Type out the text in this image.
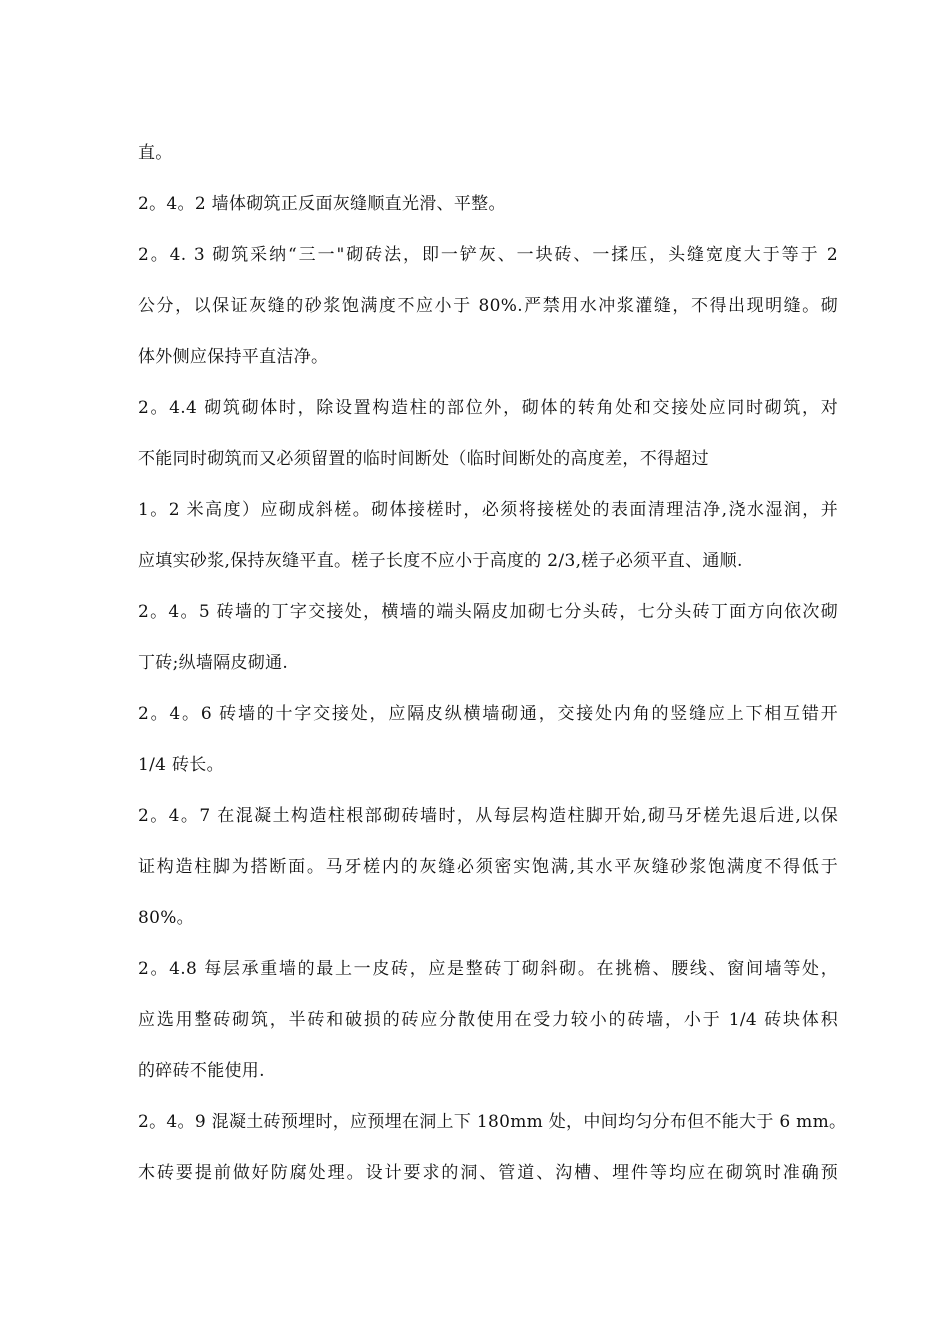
直。
2。4。2 墙体砌筑正反面灰缝顺直光滑、平整。
2。4. 3 砌筑采纳“三一"砌砖法，即一铲灰、一块砖、一揉压，头缝宽度大于等于 2
公分，以保证灰缝的砂浆饱满度不应小于 80%.严禁用水冲浆灌缝，不得出现明缝。砌
体外侧应保持平直洁净。
2。4.4 砌筑砌体时，除设置构造柱的部位外，砌体的转角处和交接处应同时砌筑，对
不能同时砌筑而又必须留置的临时间断处（临时间断处的高度差，不得超过
1。2 米高度）应砌成斜槎。砌体接槎时，必须将接槎处的表面清理洁净,浇水湿润，并
应填实砂浆,保持灰缝平直。槎子长度不应小于高度的 2/3,槎子必须平直、通顺.
2。4。5 砖墙的丁字交接处，横墙的端头隔皮加砌七分头砖，七分头砖丁面方向依次砌
丁砖;纵墙隔皮砌通.
2。4。6 砖墙的十字交接处，应隔皮纵横墙砌通，交接处内角的竖缝应上下相互错开
1/4 砖长。
2。4。7 在混凝土构造柱根部砌砖墙时，从每层构造柱脚开始,砌马牙槎先退后进,以保
证构造柱脚为搭断面。马牙槎内的灰缝必须密实饱满,其水平灰缝砂浆饱满度不得低于
80%。
2。4.8 每层承重墙的最上一皮砖，应是整砖丁砌斜砌。在挑檐、腰线、窗间墙等处，
应选用整砖砌筑，半砖和破损的砖应分散使用在受力较小的砖墙，小于 1/4 砖块体积
的碎砖不能使用.
2。4。9 混凝土砖预埋时，应预埋在洞上下 180mm 处，中间均匀分布但不能大于 6 mm。
木砖要提前做好防腐处理。设计要求的洞、管道、沟槽、埋件等均应在砌筑时准确预
